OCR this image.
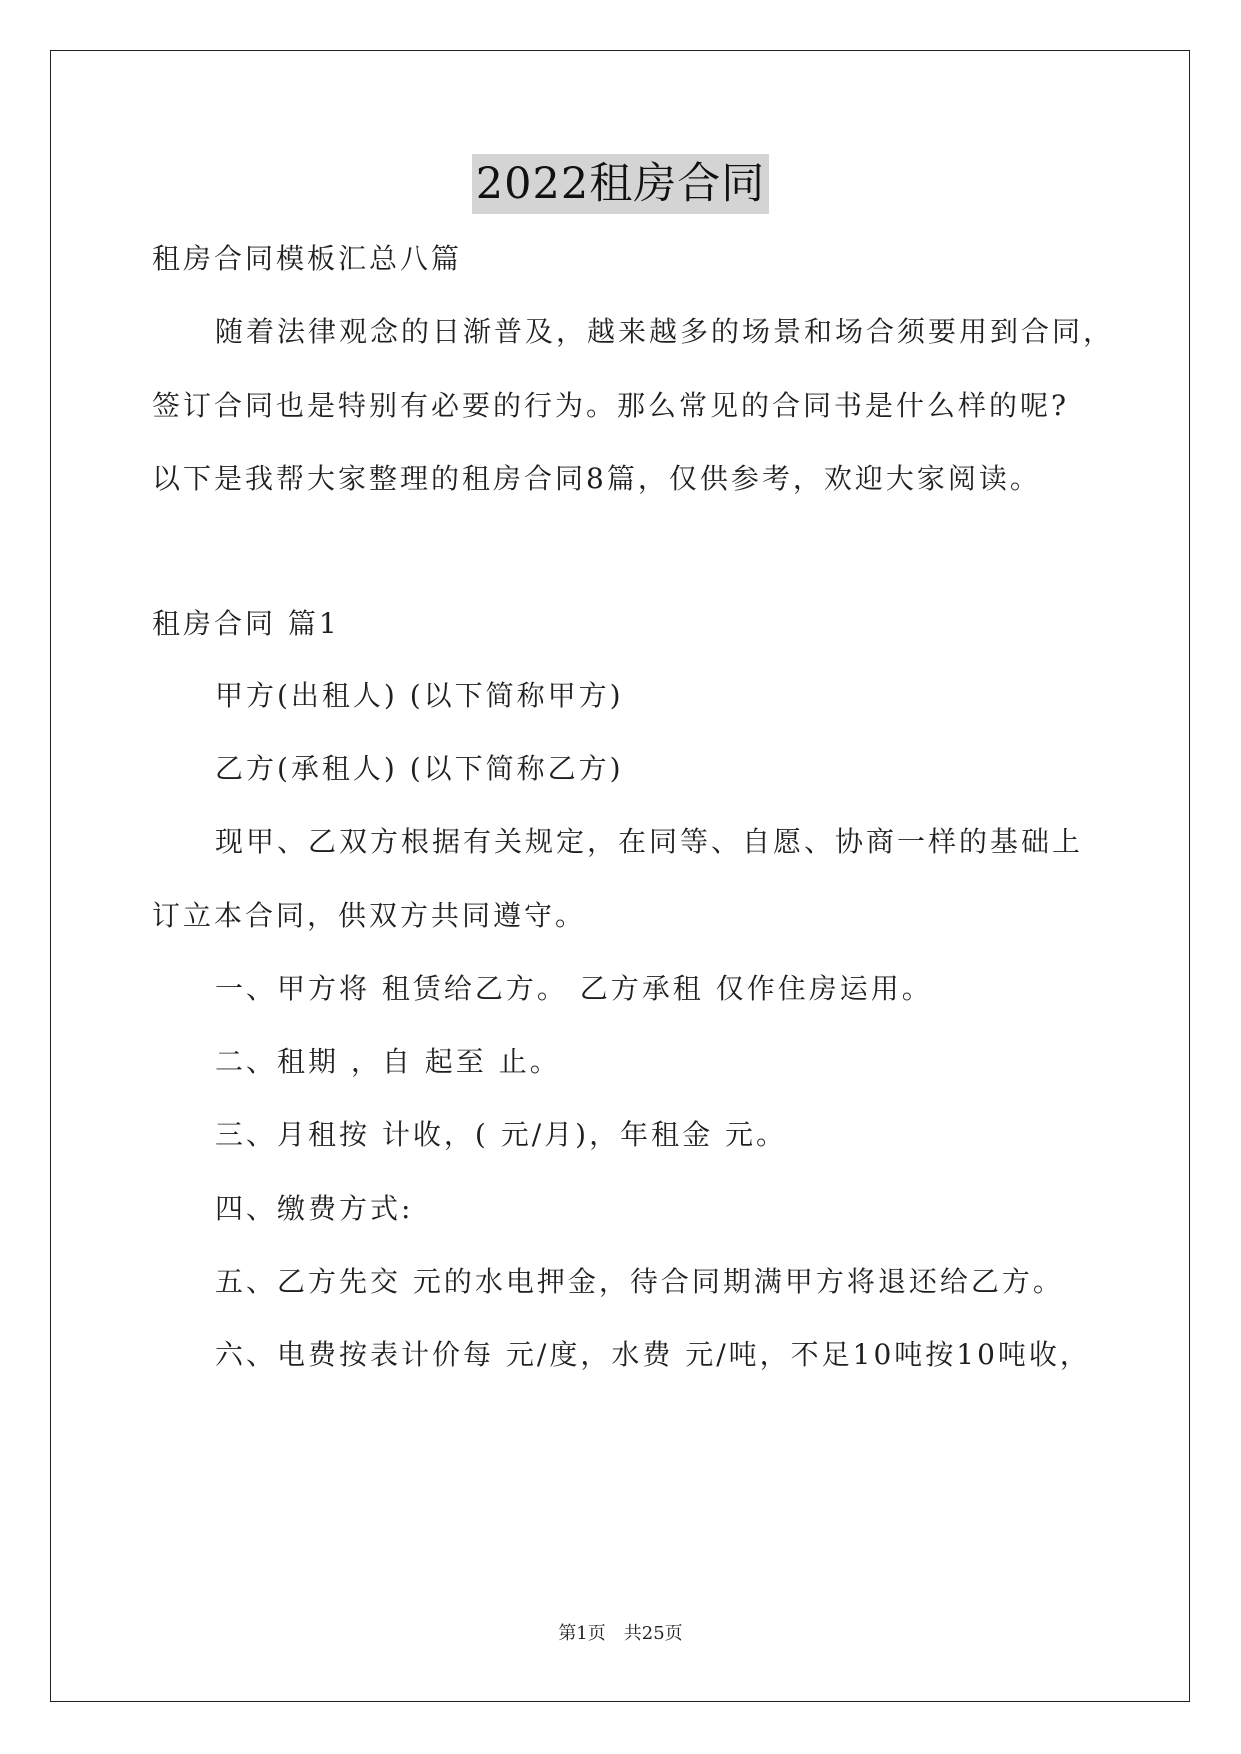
2022租房合同
租房合同模板汇总八篇
随着法律观念的日渐普及，越来越多的场景和场合须要用到合同，
签订合同也是特别有必要的行为。那么常见的合同书是什么样的呢?
以下是我帮大家整理的租房合同8篇，仅供参考，欢迎大家阅读。
租房合同 篇1
甲方(出租人) (以下简称甲方)
乙方(承租人) (以下简称乙方)
现甲、乙双方根据有关规定，在同等、自愿、协商一样的基础上
订立本合同，供双方共同遵守。
一、甲方将 租赁给乙方。 乙方承租 仅作住房运用。
二、租期 ，自 起至 止。
三、月租按 计收，( 元/月)，年租金 元。
四、缴费方式:
五、乙方先交 元的水电押金，待合同期满甲方将退还给乙方。
六、电费按表计价每 元/度，水费 元/吨，不足10吨按10吨收，
第1页 共25页
